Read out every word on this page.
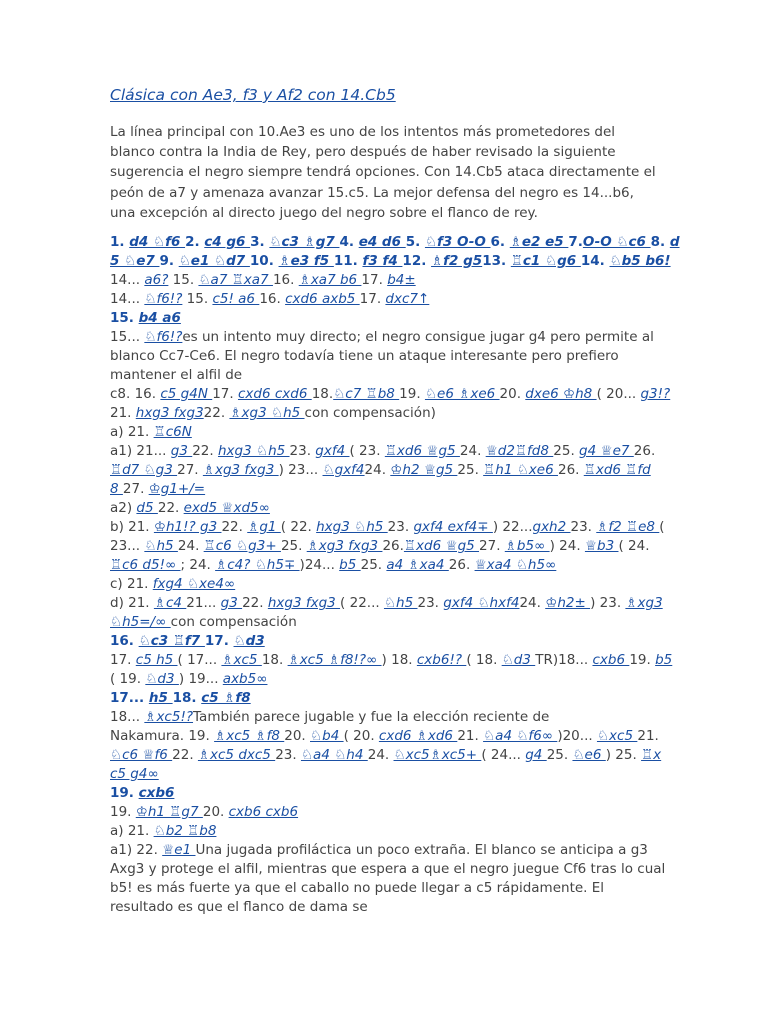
Clásica con Ae3, f3 y Af2 con 14.Cb5

La línea principal con 10.Ae3 es uno de los intentos más prometedores del blanco contra la India de Rey, pero después de haber revisado la siguiente sugerencia el negro siempre tendrá opciones. Con 14.Cb5 ataca directamente el peón de a7 y amenaza avanzar 15.c5. La mejor defensa del negro es 14...b6, una excepción al directo juego del negro sobre el flanco de rey.

1. d4 ♘f6 2. c4 g6 3. ♘c3 ♗g7 4. e4 d6 5. ♘f3 O-O 6. ♗e2 e5 7.O-O ♘c6 8. d

5 ♘e7 9. ♘e1 ♘d7 10. ♗e3 f5 11. f3 f4 12. ♗f2 g513. ♖c1 ♘g6 14. ♘b5 b6!

14... a6? 15. ♘a7 ♖xa7 16. ♗xa7 b6 17. b4±

14... ♘f6!? 15. c5! a6 16. cxd6 axb5 17. dxc7↑

15. b4 a6

15... ♘f6!?es un intento muy directo; el negro consigue jugar g4 pero permite al

blanco Cc7-Ce6. El negro todavía tiene un ataque interesante pero prefiero

mantener el alfil de

c8. 16. c5 g4N 17. cxd6 cxd6 18.♘c7 ♖b8 19. ♘e6 ♗xe6 20. dxe6 ♔h8 ( 20... g3!?

21. hxg3 fxg322. ♗xg3 ♘h5 con compensación)

a) 21. ♖c6N

a1) 21... g3 22. hxg3 ♘h5 23. gxf4 ( 23. ♖xd6 ♕g5 24. ♕d2♖fd8 25. g4 ♕e7 26.

♖d7 ♘g3 27. ♗xg3 fxg3 ) 23... ♘gxf424. ♔h2 ♕g5 25. ♖h1 ♘xe6 26. ♖xd6 ♖fd

8 27. ♔g1+/=

a2) d5 22. exd5 ♕xd5∞

b) 21. ♔h1!? g3 22. ♗g1 ( 22. hxg3 ♘h5 23. gxf4 exf4∓ ) 22...gxh2 23. ♗f2 ♖e8 (

23... ♘h5 24. ♖c6 ♘g3+ 25. ♗xg3 fxg3 26.♖xd6 ♕g5 27. ♗b5∞ ) 24. ♕b3 ( 24.

♖c6 d5!∞ ; 24. ♗c4? ♘h5∓ )24... b5 25. a4 ♗xa4 26. ♕xa4 ♘h5∞

c) 21. fxg4 ♘xe4∞

d) 21. ♗c4 21... g3 22. hxg3 fxg3 ( 22... ♘h5 23. gxf4 ♘hxf424. ♔h2± ) 23. ♗xg3

♘h5=/∞ con compensación

16. ♘c3 ♖f7 17. ♘d3

17. c5 h5 ( 17... ♗xc5 18. ♗xc5 ♗f8!?∞ ) 18. cxb6!? ( 18. ♘d3 TR)18... cxb6 19. b5

( 19. ♘d3 ) 19... axb5∞

17... h5 18. c5 ♗f8

18... ♗xc5!?También parece jugable y fue la elección reciente de

Nakamura. 19. ♗xc5 ♗f8 20. ♘b4 ( 20. cxd6 ♗xd6 21. ♘a4 ♘f6∞ )20... ♘xc5 21.

♘c6 ♕f6 22. ♗xc5 dxc5 23. ♘a4 ♘h4 24. ♘xc5♗xc5+ ( 24... g4 25. ♘e6 ) 25. ♖x

c5 g4∞

19. cxb6

19. ♔h1 ♖g7 20. cxb6 cxb6

a) 21. ♘b2 ♖b8

a1) 22. ♕e1 Una jugada profiláctica un poco extraña. El blanco se anticipa a g3

Axg3 y protege el alfil, mientras que espera a que el negro juegue Cf6 tras lo cual

b5! es más fuerte ya que el caballo no puede llegar a c5 rápidamente. El

resultado es que el flanco de dama se
